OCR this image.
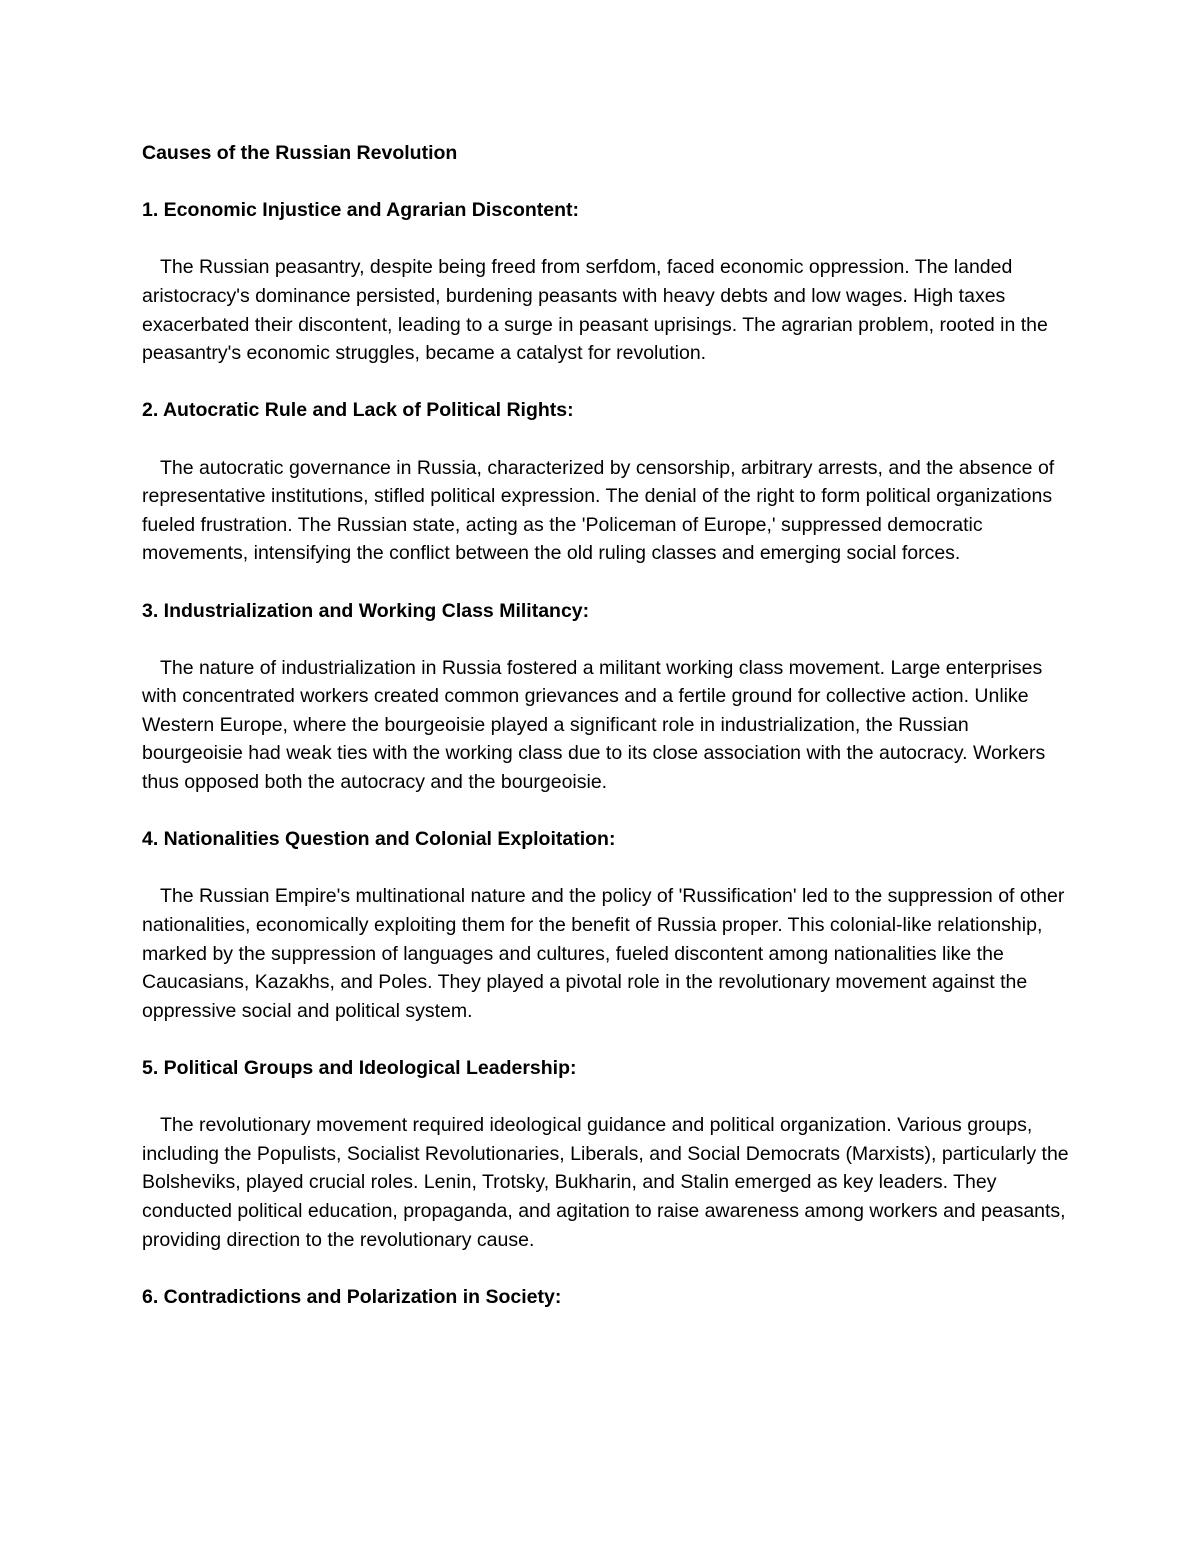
Causes of the Russian Revolution
1. Economic Injustice and Agrarian Discontent:
The Russian peasantry, despite being freed from serfdom, faced economic oppression. The landed aristocracy's dominance persisted, burdening peasants with heavy debts and low wages. High taxes exacerbated their discontent, leading to a surge in peasant uprisings. The agrarian problem, rooted in the peasantry's economic struggles, became a catalyst for revolution.
2. Autocratic Rule and Lack of Political Rights:
The autocratic governance in Russia, characterized by censorship, arbitrary arrests, and the absence of representative institutions, stifled political expression. The denial of the right to form political organizations fueled frustration. The Russian state, acting as the 'Policeman of Europe,' suppressed democratic movements, intensifying the conflict between the old ruling classes and emerging social forces.
3. Industrialization and Working Class Militancy:
The nature of industrialization in Russia fostered a militant working class movement. Large enterprises with concentrated workers created common grievances and a fertile ground for collective action. Unlike Western Europe, where the bourgeoisie played a significant role in industrialization, the Russian bourgeoisie had weak ties with the working class due to its close association with the autocracy. Workers thus opposed both the autocracy and the bourgeoisie.
4. Nationalities Question and Colonial Exploitation:
The Russian Empire's multinational nature and the policy of 'Russification' led to the suppression of other nationalities, economically exploiting them for the benefit of Russia proper. This colonial-like relationship, marked by the suppression of languages and cultures, fueled discontent among nationalities like the Caucasians, Kazakhs, and Poles. They played a pivotal role in the revolutionary movement against the oppressive social and political system.
5. Political Groups and Ideological Leadership:
The revolutionary movement required ideological guidance and political organization. Various groups, including the Populists, Socialist Revolutionaries, Liberals, and Social Democrats (Marxists), particularly the Bolsheviks, played crucial roles. Lenin, Trotsky, Bukharin, and Stalin emerged as key leaders. They conducted political education, propaganda, and agitation to raise awareness among workers and peasants, providing direction to the revolutionary cause.
6. Contradictions and Polarization in Society:
